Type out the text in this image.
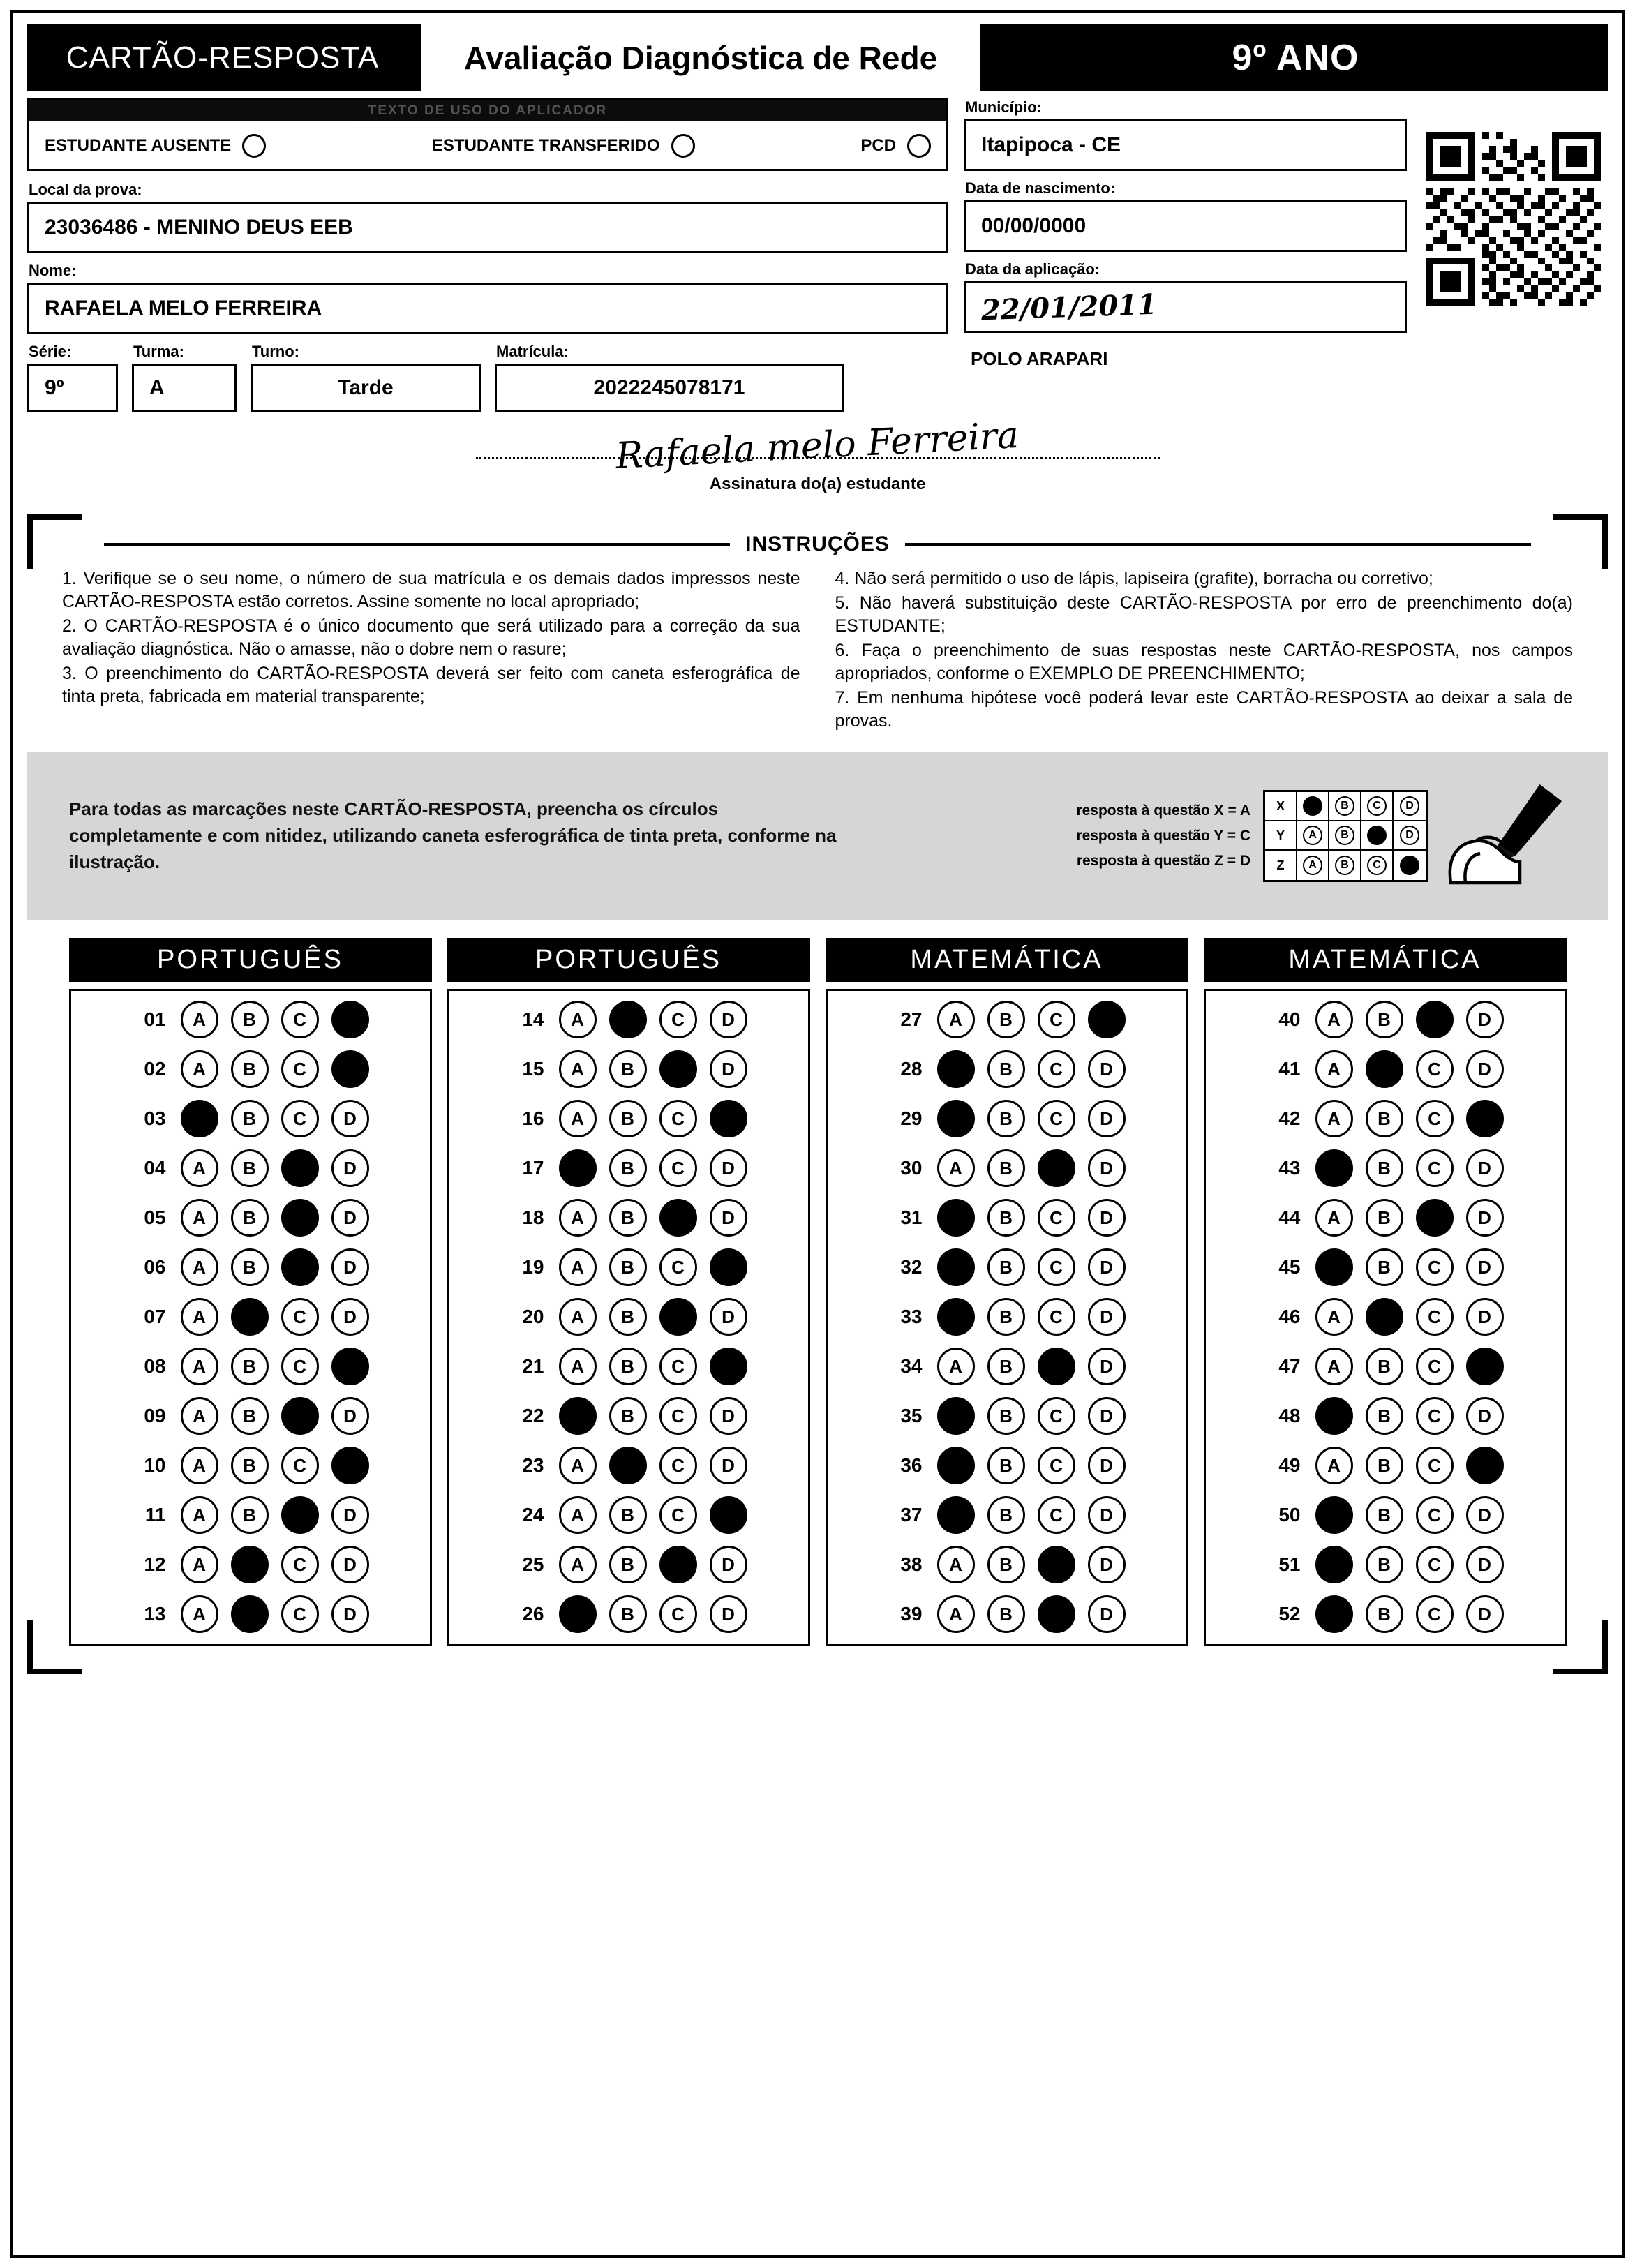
CARTÃO-RESPOSTA	Avaliação Diagnóstica de Rede	9º ANO
TEXTO DE USO DO APLICADOR
ESTUDANTE AUSENTE	ESTUDANTE TRANSFERIDO	PCD
Local da prova:
23036486 - MENINO DEUS EEB
Nome:
RAFAELA MELO FERREIRA
Série:
9º
Turma:
A
Turno:
Tarde
Matrícula:
2022245078171
Município:
Itapipoca - CE
Data de nascimento:
00/00/0000
Data da aplicação:
22/01/2011
POLO ARAPARI
Rafaela melo Ferreira
Assinatura do(a) estudante
INSTRUÇÕES

1. Verifique se o seu nome, o número de sua matrícula e os demais dados impressos neste CARTÃO-RESPOSTA estão corretos. Assine somente no local apropriado;

2. O CARTÃO-RESPOSTA é o único documento que será utilizado para a correção da sua avaliação diagnóstica. Não o amasse, não o dobre nem o rasure;

3. O preenchimento do CARTÃO-RESPOSTA deverá ser feito com caneta esferográfica de tinta preta, fabricada em material transparente;

4. Não será permitido o uso de lápis, lapiseira (grafite), borracha ou corretivo;

5. Não haverá substituição deste CARTÃO-RESPOSTA por erro de preenchimento do(a) ESTUDANTE;

6. Faça o preenchimento de suas respostas neste CARTÃO-RESPOSTA, nos campos apropriados, conforme o EXEMPLO DE PREENCHIMENTO;

7. Em nenhuma hipótese você poderá levar este CARTÃO-RESPOSTA ao deixar a sala de provas.

Para todas as marcações neste CARTÃO-RESPOSTA, preencha os círculos completamente e com nitidez, utilizando caneta esferográfica de tinta preta, conforme na ilustração.
resposta à questão X = A
resposta à questão Y = C
resposta à questão Z = D
X	A	B	C	D
Y	A	B	C	D
Z	A	B	C	D
PORTUGUÊS
01	A	B	C	D
02	A	B	C	D
03	A	B	C	D
04	A	B	C	D
05	A	B	C	D
06	A	B	C	D
07	A	B	C	D
08	A	B	C	D
09	A	B	C	D
10	A	B	C	D
11	A	B	C	D
12	A	B	C	D
13	A	B	C	D
PORTUGUÊS
14	A	B	C	D
15	A	B	C	D
16	A	B	C	D
17	A	B	C	D
18	A	B	C	D
19	A	B	C	D
20	A	B	C	D
21	A	B	C	D
22	A	B	C	D
23	A	B	C	D
24	A	B	C	D
25	A	B	C	D
26	A	B	C	D
MATEMÁTICA
27	A	B	C	D
28	A	B	C	D
29	A	B	C	D
30	A	B	C	D
31	A	B	C	D
32	A	B	C	D
33	A	B	C	D
34	A	B	C	D
35	A	B	C	D
36	A	B	C	D
37	A	B	C	D
38	A	B	C	D
39	A	B	C	D
MATEMÁTICA
40	A	B	C	D
41	A	B	C	D
42	A	B	C	D
43	A	B	C	D
44	A	B	C	D
45	A	B	C	D
46	A	B	C	D
47	A	B	C	D
48	A	B	C	D
49	A	B	C	D
50	A	B	C	D
51	A	B	C	D
52	A	B	C	D
